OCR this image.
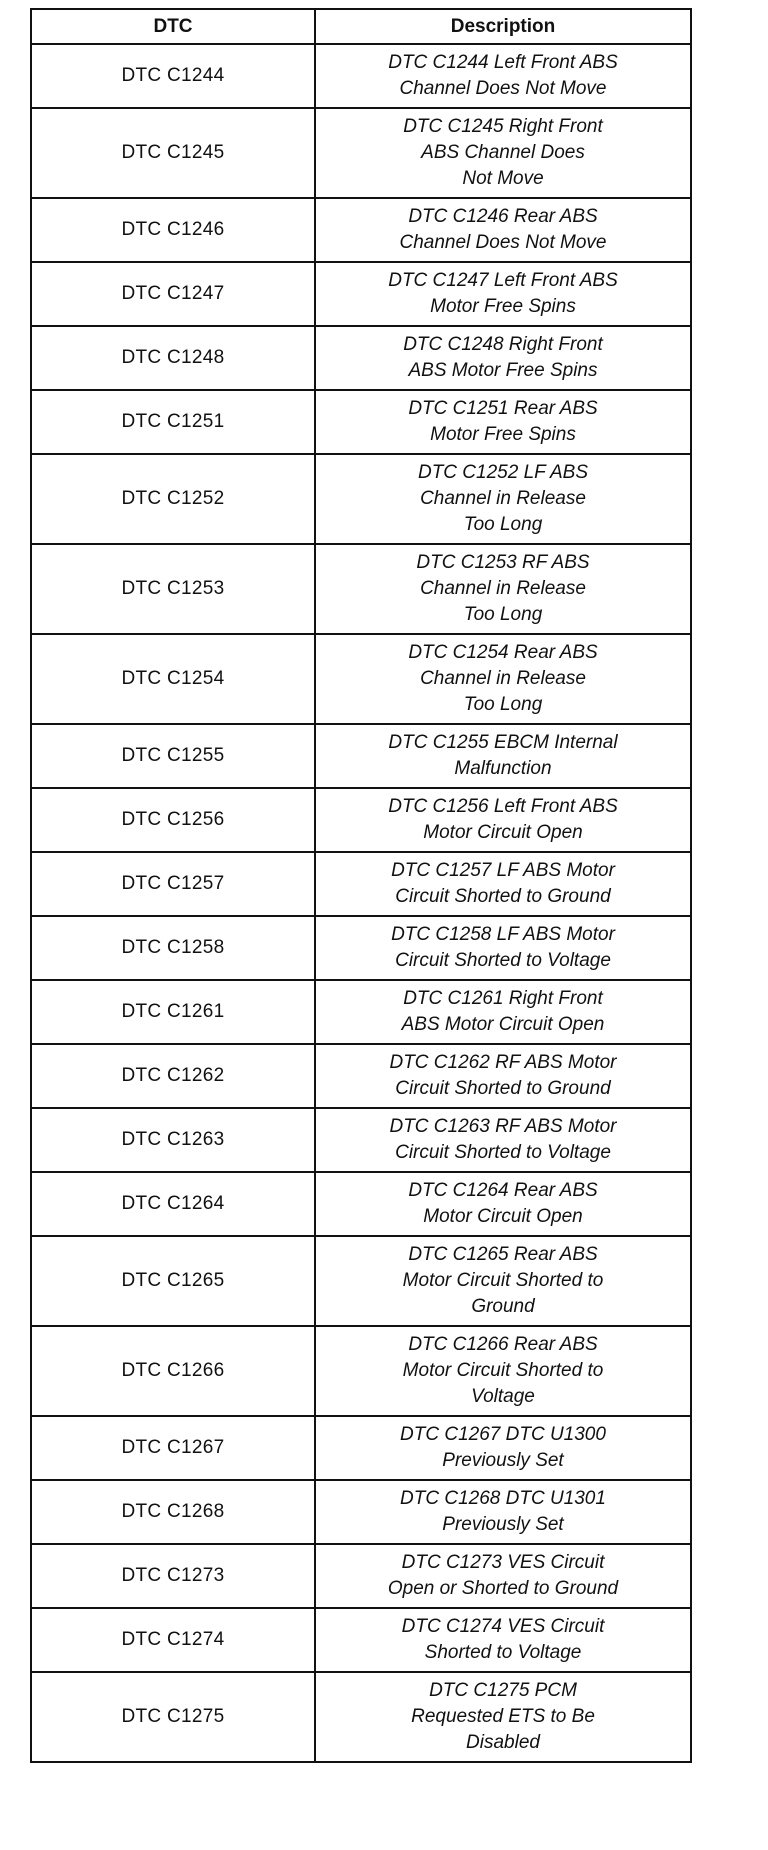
DTC	Description
DTC C1244	DTC C1244 Left Front ABS
Channel Does Not Move

DTC C1245	DTC C1245 Right Front
ABS Channel Does
Not Move

DTC C1246	DTC C1246 Rear ABS
Channel Does Not Move

DTC C1247	DTC C1247 Left Front ABS
Motor Free Spins

DTC C1248	DTC C1248 Right Front
ABS Motor Free Spins

DTC C1251	DTC C1251 Rear ABS
Motor Free Spins

DTC C1252	DTC C1252 LF ABS
Channel in Release
Too Long

DTC C1253	DTC C1253 RF ABS
Channel in Release
Too Long

DTC C1254	DTC C1254 Rear ABS
Channel in Release
Too Long

DTC C1255	DTC C1255 EBCM Internal
Malfunction

DTC C1256	DTC C1256 Left Front ABS
Motor Circuit Open

DTC C1257	DTC C1257 LF ABS Motor
Circuit Shorted to Ground

DTC C1258	DTC C1258 LF ABS Motor
Circuit Shorted to Voltage

DTC C1261	DTC C1261 Right Front
ABS Motor Circuit Open

DTC C1262	DTC C1262 RF ABS Motor
Circuit Shorted to Ground

DTC C1263	DTC C1263 RF ABS Motor
Circuit Shorted to Voltage

DTC C1264	DTC C1264 Rear ABS
Motor Circuit Open

DTC C1265	DTC C1265 Rear ABS
Motor Circuit Shorted to
Ground

DTC C1266	DTC C1266 Rear ABS
Motor Circuit Shorted to
Voltage

DTC C1267	DTC C1267 DTC U1300
Previously Set

DTC C1268	DTC C1268 DTC U1301
Previously Set

DTC C1273	DTC C1273 VES Circuit
Open or Shorted to Ground

DTC C1274	DTC C1274 VES Circuit
Shorted to Voltage

DTC C1275	DTC C1275 PCM
Requested ETS to Be
Disabled
